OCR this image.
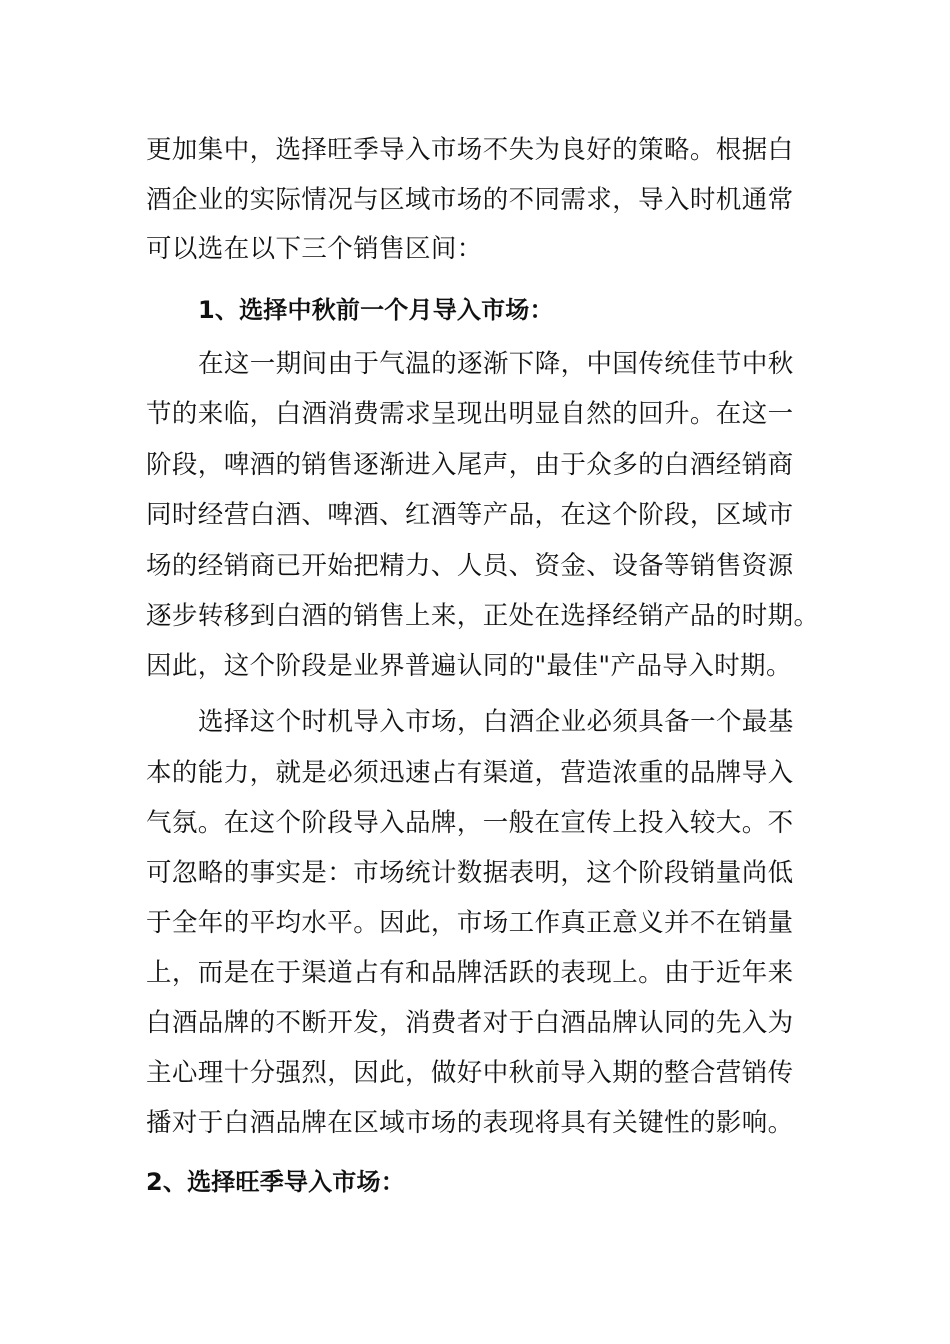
更加集中，选择旺季导入市场不失为良好的策略。根据白
酒企业的实际情况与区域市场的不同需求，导入时机通常
可以选在以下三个销售区间：
1、选择中秋前一个月导入市场：
在这一期间由于气温的逐渐下降，中国传统佳节中秋
节的来临，白酒消费需求呈现出明显自然的回升。在这一
阶段，啤酒的销售逐渐进入尾声，由于众多的白酒经销商
同时经营白酒、啤酒、红酒等产品，在这个阶段，区域市
场的经销商已开始把精力、人员、资金、设备等销售资源
逐步转移到白酒的销售上来，正处在选择经销产品的时期。
因此，这个阶段是业界普遍认同的"最佳"产品导入时期。
选择这个时机导入市场，白酒企业必须具备一个最基
本的能力，就是必须迅速占有渠道，营造浓重的品牌导入
气氛。在这个阶段导入品牌，一般在宣传上投入较大。不
可忽略的事实是：市场统计数据表明，这个阶段销量尚低
于全年的平均水平。因此，市场工作真正意义并不在销量
上，而是在于渠道占有和品牌活跃的表现上。由于近年来
白酒品牌的不断开发，消费者对于白酒品牌认同的先入为
主心理十分强烈，因此，做好中秋前导入期的整合营销传
播对于白酒品牌在区域市场的表现将具有关键性的影响。
2、选择旺季导入市场：
